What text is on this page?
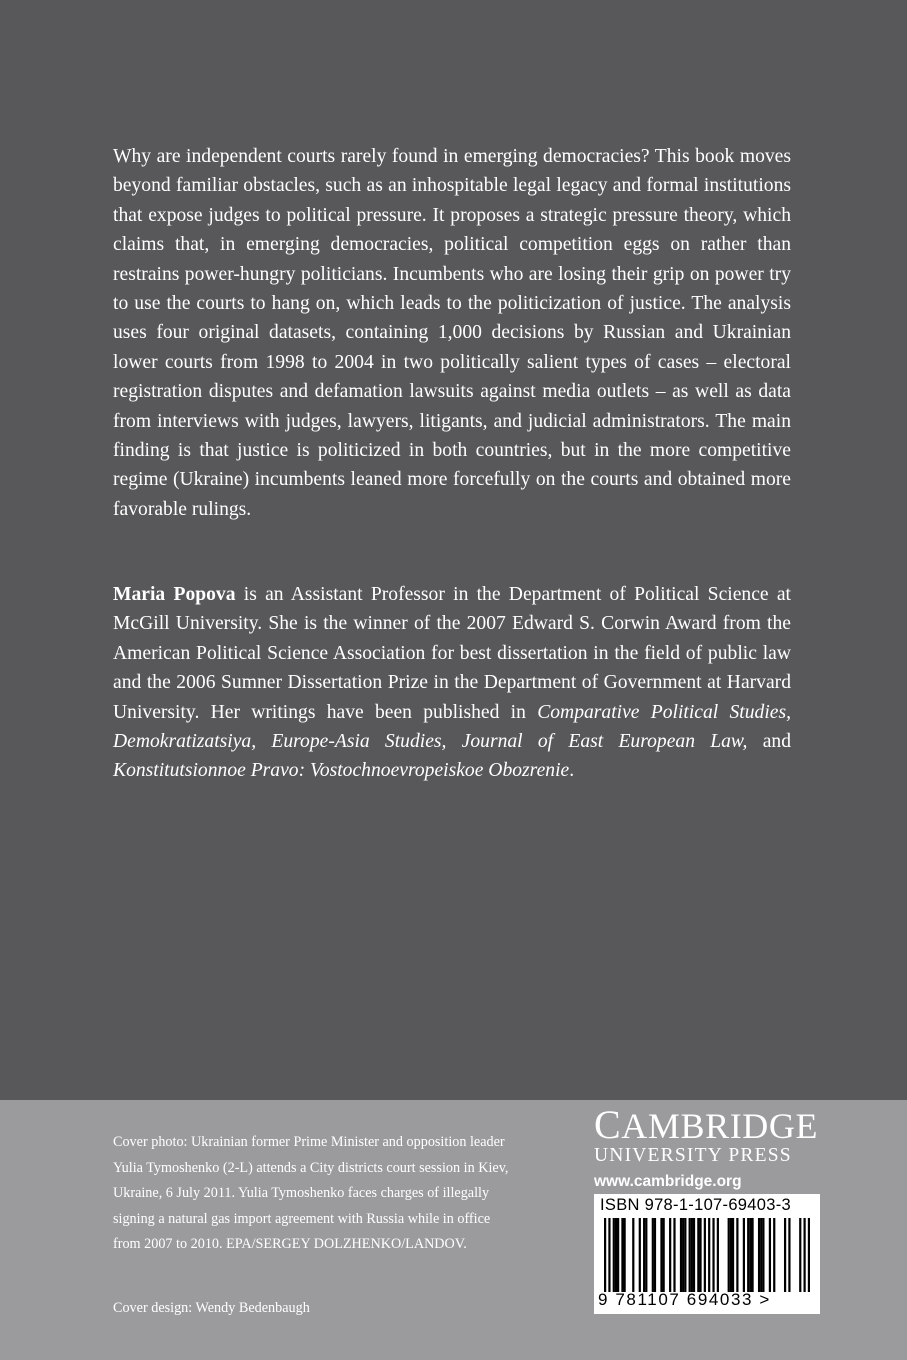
Why are independent courts rarely found in emerging democracies? This book moves beyond familiar obstacles, such as an inhospitable legal legacy and formal institutions that expose judges to political pressure. It proposes a strategic pressure theory, which claims that, in emerging democracies, political competition eggs on rather than restrains power-hungry politicians. Incumbents who are losing their grip on power try to use the courts to hang on, which leads to the politicization of justice. The analysis uses four original datasets, containing 1,000 decisions by Russian and Ukrainian lower courts from 1998 to 2004 in two politically salient types of cases – electoral registration disputes and defamation lawsuits against media outlets – as well as data from interviews with judges, lawyers, litigants, and judicial administrators. The main finding is that justice is politicized in both countries, but in the more competitive regime (Ukraine) incumbents leaned more forcefully on the courts and obtained more favorable rulings.

Maria Popova is an Assistant Professor in the Department of Political Science at McGill University. She is the winner of the 2007 Edward S. Corwin Award from the American Political Science Association for best dissertation in the field of public law and the 2006 Sumner Dissertation Prize in the Department of Government at Harvard University. Her writings have been published in Comparative Political Studies, Demokratizatsiya, Europe-Asia Studies, Journal of East European Law, and Konstitutsionnoe Pravo: Vostochnoevropeiskoe Obozrenie.

Cover photo: Ukrainian former Prime Minister and opposition leader Yulia Tymoshenko (2-L) attends a City districts court session in Kiev, Ukraine, 6 July 2011. Yulia Tymoshenko faces charges of illegally signing a natural gas import agreement with Russia while in office from 2007 to 2010. EPA/SERGEY DOLZHENKO/LANDOV.

Cover design: Wendy Bedenbaugh
CAMBRIDGE
UNIVERSITY PRESS
www.cambridge.org
ISBN 978-1-107-69403-3
9 781107 694033 >
